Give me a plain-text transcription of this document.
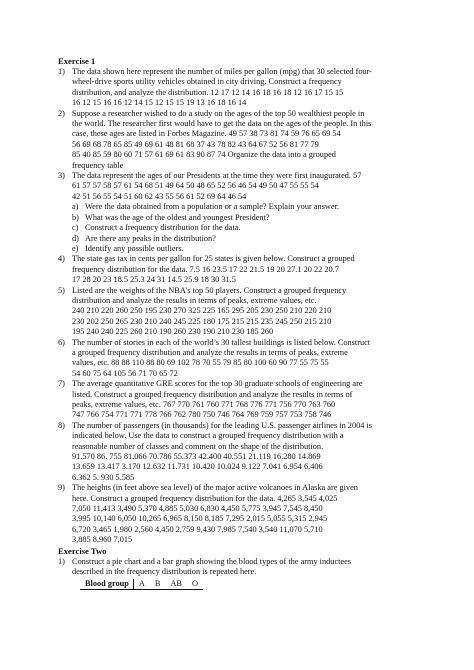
Exercise 1
1) The data shown here represent the number of miles per gallon (mpg) that 30 selected four-
wheel-drive sports utility vehicles obtained in city driving. Construct a frequency
distribution, and analyze the distribution. 12 17 12 14 16 18 16 18 12 16 17 15 15
16 12 15 16 16 12 14 15 12 15 15 19 13 16 18 16 14
2) Suppose a researcher wished to do a study on the ages of the top 50 wealthiest people in
the world. The researcher first would have to get the data on the ages of the people. In this
case, these ages are listed in Forbes Magazine. 49 57 38 73 81 74 59 76 65 69 54
56 69 68 78 65 85 49 69 61 48 81 68 37 43 78 82 43 64 67 52 56 81 77 79
85 40 85 59 80 60 71 57 61 69 61 83 90 87 74 Organize the data into a grouped
frequency table
3) The data represent the ages of our Presidents at the time they were first inaugurated. 57
61 57 57 58 57 61 54 68 51 49 64 50 48 65 52 56 46 54 49 50 47 55 55 54
42 51 56 55 54 51 60 62 43 55 56 61 52 69 64 46 54
a) Were the data obtained from a population or a sample? Explain your answer.
b) What was the age of the oldest and youngest President?
c) Construct a frequency distribution for the data.
d) Are there any peaks in the distribution?
e) Identify any possible outliers.
4) The state gas tax in cents per gallon for 25 states is given below. Construct a grouped
frequency distribution for the data. 7.5 16 23.5 17 22 21.5 19 20 27.1 20 22 20.7
17 28 20 23 18.5 25.3 24 31 14.5 25.9 18 30 31.5
5) Listed are the weights of the NBA’s top 50 players. Construct a grouped frequency
distribution and analyze the results in terms of peaks, extreme values, etc.
240 210 220 260 250 195 230 270 325 225 165 295 205 230 250 210 220 210
230 202 250 265 230 210 240 245 225 180 175 215 215 235 245 250 215 210
195 240 240 225 260 210 190 260 230 190 210 230 185 260
6) The number of stories in each of the world’s 30 tallest buildings is listed below. Construct
a grouped frequency distribution and analyze the results in terms of peaks, extreme
values, etc. 88 88 110 88 80 69 102 78 70 55 79 85 80 100 60 90 77 55 75 55
54 60 75 64 105 56 71 70 65 72
7) The average quantitative GRE scores for the top 30 graduate schools of engineering are
listed. Construct a grouped frequency distribution and analyze the results in terms of
peaks, extreme values, etc. 767 770 761 760 771 768 776 771 756 770 763 760
747 766 754 771 771 778 766 762 780 750 746 764 769 759 757 753 758 746
8) The number of passengers (in thousands) for the leading U.S. passenger airlines in 2004 is
indicated below. Use the data to construct a grouped frequency distribution with a
reasonable number of classes and comment on the shape of the distribution.
91.570 86. 755 81.066 70.786 55.373 42.400 40.551 21.119 16.280 14.869
13.659 13.417 3.170 12.632 11.731 10.420 10.024 9.122 7.041 6.954 6.406
6.362 5. 930 5.585
9) The heights (in feet above sea level) of the major active volcanoes in Alaska are given
here. Construct a grouped frequency distribution for the data. 4,265 3,545 4,025
7,050 11,413 3,490 5,370 4,885 5,030 6,830 4,450 5,775 3,945 7,545 8,450
3,995 10,140 6,050 10,265 6,965 8,150 8,185 7,295 2,015 5,055 5,315 2,945
6,720 3,465 1,980 2,560 4,450 2,759 9,430 7,985 7,540 3,540 11,070 5,710
3,885 8,960 7,015
Exercise Two
1) Construct a pie chart and a bar graph showing the blood types of the army inductees
described in the frequency distribution is repeated here.
Blood group	A	B	AB	O
